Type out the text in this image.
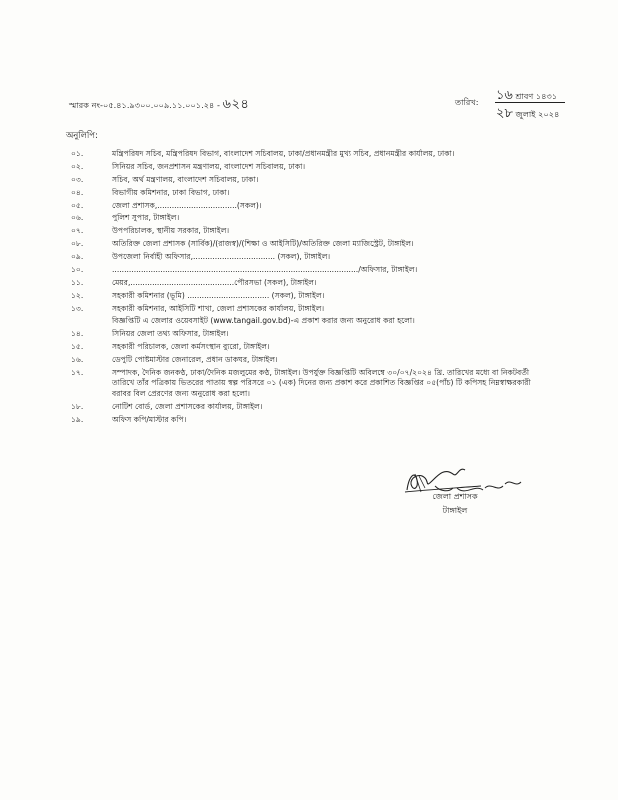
স্মারক নং-০৫.৪১.৯৩০০.০০৯.১১.০০১.২৪ - ৬২৪	তারিখ: ১৬ শ্রাবণ ১৪৩১
২৮ জুলাই ২০২৪
অনুলিপি:
০১.	মন্ত্রিপরিষদ সচিব, মন্ত্রিপরিষদ বিভাগ, বাংলাদেশ সচিবালয়, ঢাকা/প্রধানমন্ত্রীর মুখ্য সচিব, প্রধানমন্ত্রীর কার্যালয়, ঢাকা।
০২.	সিনিয়র সচিব, জনপ্রশাসন মন্ত্রণালয়, বাংলাদেশ সচিবালয়, ঢাকা।
০৩.	সচিব, অর্থ মন্ত্রণালয়, বাংলাদেশ সচিবালয়, ঢাকা।
০৪.	বিভাগীয় কমিশনার, ঢাকা বিভাগ, ঢাকা।
০৫.	জেলা প্রশাসক,.................................(সকল)।
০৬.	পুলিশ সুপার, টাঙ্গাইল।
০৭.	উপপরিচালক, স্থানীয় সরকার, টাঙ্গাইল।
০৮.	অতিরিক্ত জেলা প্রশাসক (সার্বিক)/(রাজস্ব)/(শিক্ষা ও আইসিটি)/অতিরিক্ত জেলা ম্যাজিস্ট্রেট, টাঙ্গাইল।
০৯.	উপজেলা নির্বাহী অফিসার,.................................. (সকল), টাঙ্গাইল।
১০.	....................................................................................................../অফিসার, টাঙ্গাইল।
১১.	মেয়র,...........................................পৌরসভা (সকল), টাঙ্গাইল।
১২.	সহকারী কমিশনার (ভূমি) .................................. (সকল), টাঙ্গাইল।
১৩.	সহকারী কমিশনার, আইসিটি শাখা, জেলা প্রশাসকের কার্যালয়, টাঙ্গাইল।
বিজ্ঞপ্তিটি এ জেলার ওয়েবসাইট (www.tangail.gov.bd)-এ প্রকাশ করার জন্য অনুরোধ করা হলো।
১৪.	সিনিয়র জেলা তথ্য অফিসার, টাঙ্গাইল।
১৫.	সহকারী পরিচালক, জেলা কর্মসংস্থান ব্যুরো, টাঙ্গাইল।
১৬.	ডেপুটি পোষ্টমাস্টার জেনারেল, প্রধান ডাকঘর, টাঙ্গাইল।
১৭.	সম্পাদক, দৈনিক জনকণ্ঠ, ঢাকা/দৈনিক মজলুমের কণ্ঠ, টাঙ্গাইল। উপর্যুক্ত বিজ্ঞপ্তিটি অবিলম্বে ৩০/০৭/২০২৪ খ্রি. তারিখের মধ্যে বা নিকটবর্তী তারিখে তাঁর পত্রিকায় ভিতরের পাতায় স্বল্প পরিসরে ০১ (এক) দিনের জন্য প্রকাশ করে প্রকাশিত বিজ্ঞপ্তির ০৫(পাঁচ) টি কপিসহ নিম্নস্বাক্ষরকারী বরাবর বিল প্রেরণের জন্য অনুরোধ করা হলো।
১৮.	নোটিশ বোর্ড, জেলা প্রশাসকের কার্যালয়, টাঙ্গাইল।
১৯.	অফিস কপি/মাস্টার কপি।
জেলা প্রশাসক
টাঙ্গাইল
